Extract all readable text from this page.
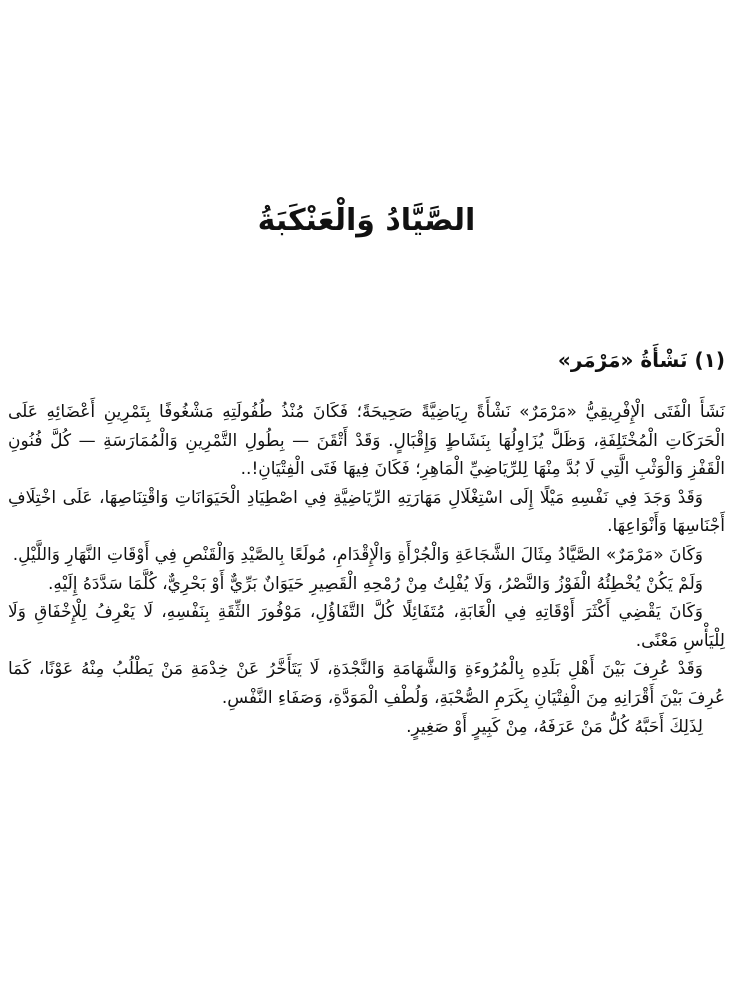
الصَّيَّادُ وَالْعَنْكَبَةُ
(١) نَشْأَةُ «مَرْمَر»

نَشَأَ الْفَتَى الْإِفْرِيقِيُّ «مَرْمَرٌ» نَشْأَةً رِيَاضِيَّةً صَحِيحَةً؛ فَكَانَ مُنْذُ طُفُولَتِهِ مَشْغُوفًا بِتَمْرِينِ أَعْضَائِهِ عَلَى الْحَرَكَاتِ الْمُخْتَلِفَةِ، وَظَلَّ يُزَاوِلُهَا بِنَشَاطٍ وَإِقْبَالٍ. وَقَدْ أَتْقَنَ — بِطُولِ التَّمْرِينِ وَالْمُمَارَسَةِ — كُلَّ فُنُونِ الْقَفْزِ وَالْوَثْبِ الَّتِي لَا بُدَّ مِنْهَا لِلرِّيَاضِيِّ الْمَاهِرِ؛ فَكَانَ فِيهَا فَتَى الْفِتْيَانِ!..

وَقَدْ وَجَدَ فِي نَفْسِهِ مَيْلًا إِلَى اسْتِغْلَالِ مَهَارَتِهِ الرِّيَاضِيَّةِ فِي اصْطِيَادِ الْحَيَوَانَاتِ وَاقْتِنَاصِهَا، عَلَى اخْتِلَافِ أَجْنَاسِهَا وَأَنْوَاعِهَا.

وَكَانَ «مَرْمَرٌ» الصَّيَّادُ مِثَالَ الشَّجَاعَةِ وَالْجُرْأَةِ وَالْإِقْدَامِ، مُولَعًا بِالصَّيْدِ وَالْقَنْصِ فِي أَوْقَاتِ النَّهَارِ وَاللَّيْلِ.

وَلَمْ يَكُنْ يُخْطِئُهُ الْفَوْزُ وَالنَّصْرُ، وَلَا يُفْلِتُ مِنْ رُمْحِهِ الْقَصِيرِ حَيَوَانٌ بَرِّيٌّ أَوْ بَحْرِيٌّ، كُلَّمَا سَدَّدَهُ إِلَيْهِ.

وَكَانَ يَقْضِي أَكْثَرَ أَوْقَاتِهِ فِي الْغَابَةِ، مُتَفَائِلًا كُلَّ التَّفَاؤُلِ، مَوْفُورَ الثِّقَةِ بِنَفْسِهِ، لَا يَعْرِفُ لِلْإِخْفَاقِ وَلَا لِلْيَأْسِ مَعْنًى.

وَقَدْ عُرِفَ بَيْنَ أَهْلِ بَلَدِهِ بِالْمُرُوءَةِ وَالشَّهَامَةِ وَالنَّجْدَةِ، لَا يَتَأَخَّرُ عَنْ خِدْمَةِ مَنْ يَطْلُبُ مِنْهُ عَوْنًا، كَمَا عُرِفَ بَيْنَ أَقْرَانِهِ مِنَ الْفِتْيَانِ بِكَرَمِ الصُّحْبَةِ، وَلُطْفِ الْمَوَدَّةِ، وَصَفَاءِ النَّفْسِ.

لِذَلِكَ أَحَبَّهُ كُلُّ مَنْ عَرَفَهُ، مِنْ كَبِيرٍ أَوْ صَغِيرٍ.
